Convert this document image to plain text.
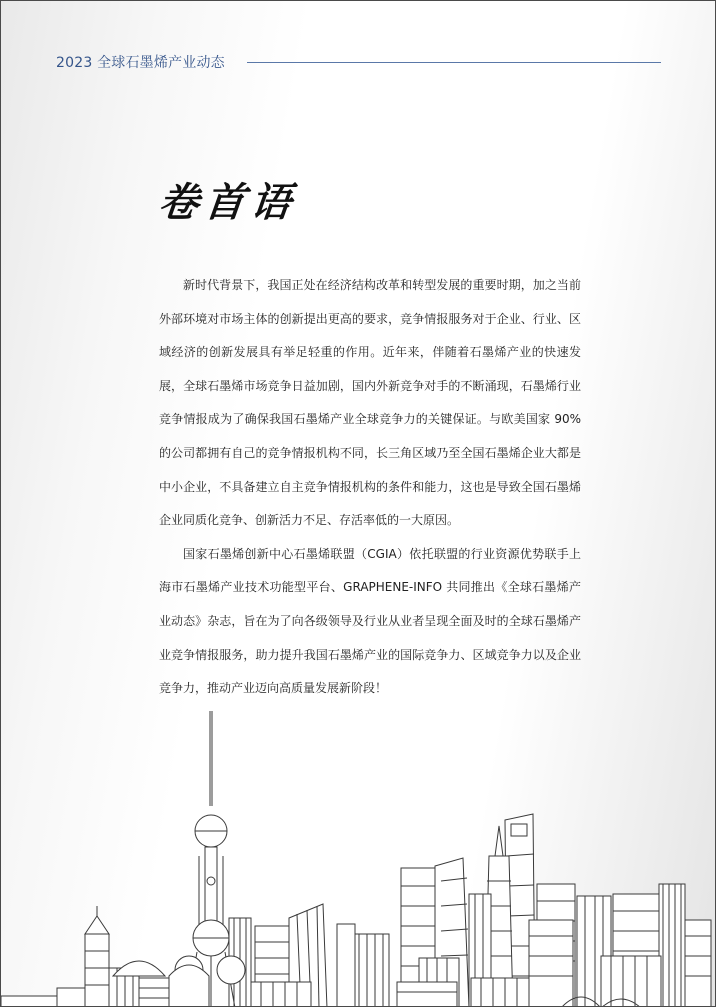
2023 全球石墨烯产业动态
卷首语

新时代背景下，我国正处在经济结构改革和转型发展的重要时期，加之当前外部环境对市场主体的创新提出更高的要求，竞争情报服务对于企业、行业、区域经济的创新发展具有举足轻重的作用。近年来，伴随着石墨烯产业的快速发展，全球石墨烯市场竞争日益加剧，国内外新竞争对手的不断涌现，石墨烯行业竞争情报成为了确保我国石墨烯产业全球竞争力的关键保证。与欧美国家 90% 的公司都拥有自己的竞争情报机构不同，长三角区域乃至全国石墨烯企业大都是中小企业，不具备建立自主竞争情报机构的条件和能力，这也是导致全国石墨烯企业同质化竞争、创新活力不足、存活率低的一大原因。

国家石墨烯创新中心石墨烯联盟（CGIA）依托联盟的行业资源优势联手上海市石墨烯产业技术功能型平台、GRAPHENE-INFO 共同推出《全球石墨烯产业动态》杂志，旨在为了向各级领导及行业从业者呈现全面及时的全球石墨烯产业竞争情报服务，助力提升我国石墨烯产业的国际竞争力、区域竞争力以及企业竞争力，推动产业迈向高质量发展新阶段！
